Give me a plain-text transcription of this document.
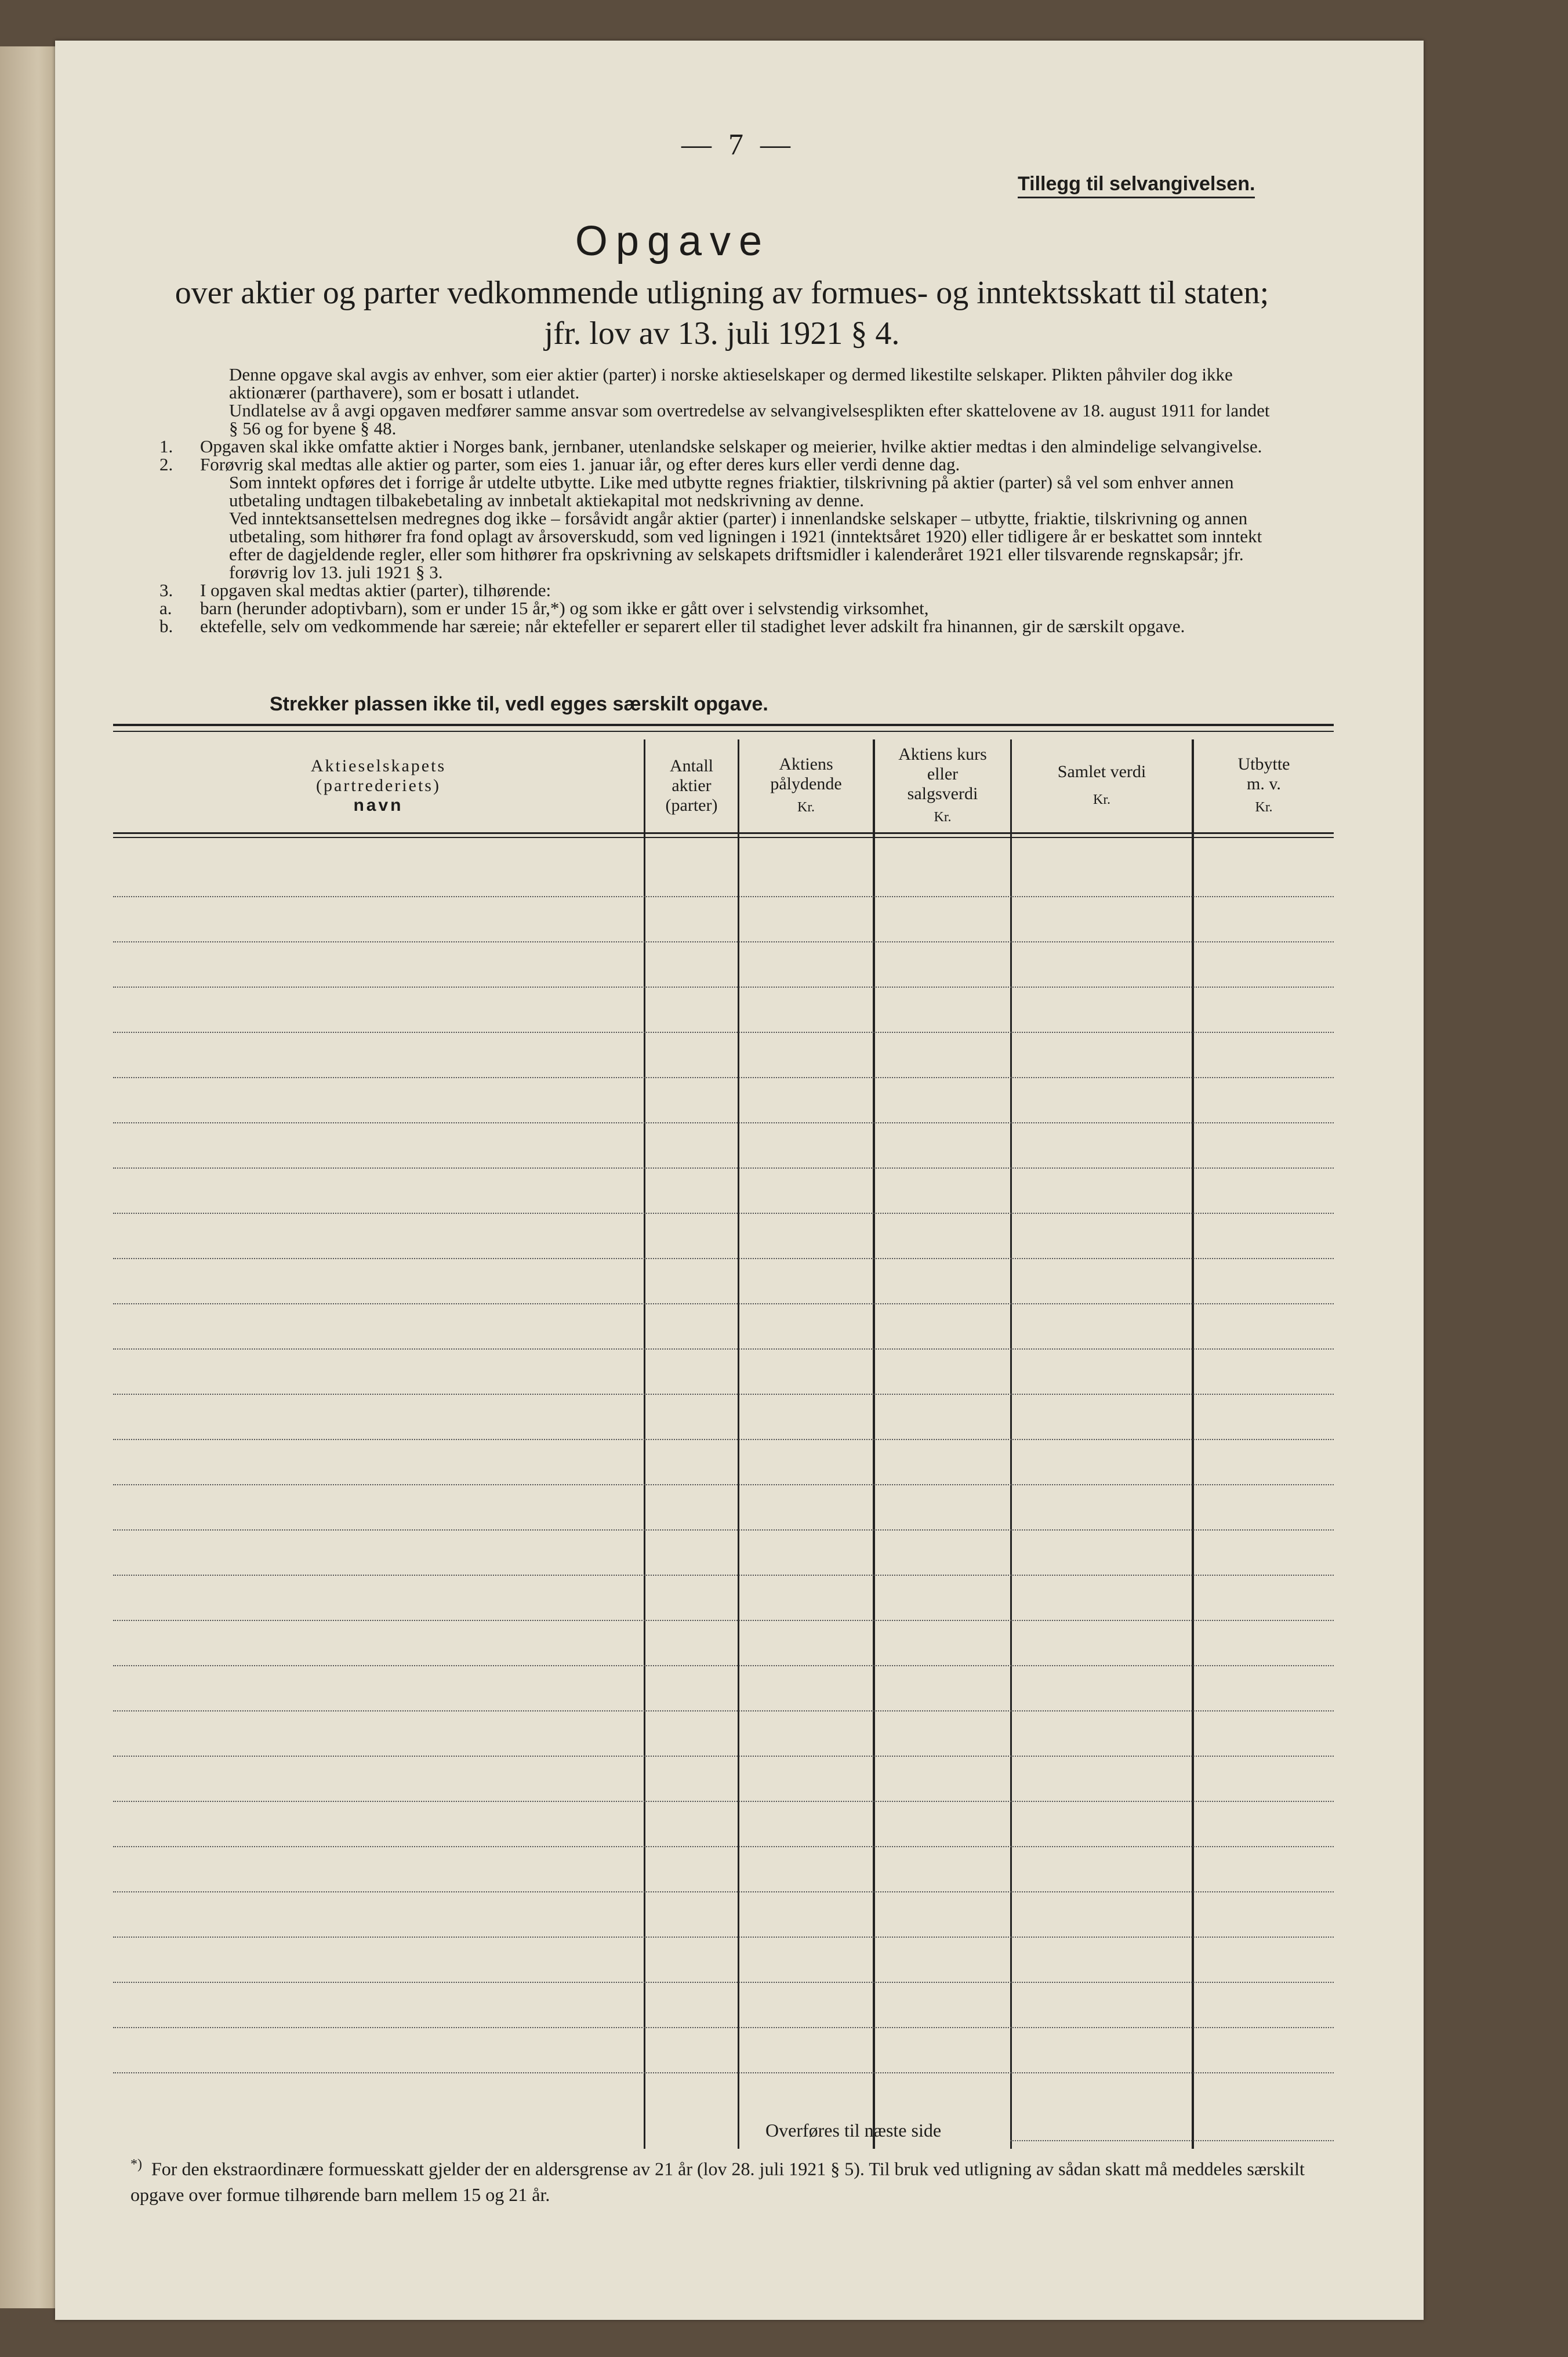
— 7 —
Tillegg til selvangivelsen.
Opgave
over aktier og parter vedkommende utligning av formues- og inntektsskatt til staten;
jfr. lov av 13. juli 1921 § 4.

Denne opgave skal avgis av enhver, som eier aktier (parter) i norske aktieselskaper og dermed likestilte selskaper. Plikten påhviler dog ikke aktionærer (parthavere), som er bosatt i utlandet.

Undlatelse av å avgi opgaven medfører samme ansvar som overtredelse av selvangivelsesplikten efter skattelovene av 18. august 1911 for landet § 56 og for byene § 48.

1. Opgaven skal ikke omfatte aktier i Norges bank, jernbaner, utenlandske selskaper og meierier, hvilke aktier medtas i den almindelige selvangivelse.

2. Forøvrig skal medtas alle aktier og parter, som eies 1. januar iår, og efter deres kurs eller verdi denne dag.

Som inntekt opføres det i forrige år utdelte utbytte. Like med utbytte regnes friaktier, tilskrivning på aktier (parter) så vel som enhver annen utbetaling undtagen tilbakebetaling av innbetalt aktiekapital mot nedskrivning av denne.

Ved inntektsansettelsen medregnes dog ikke – forsåvidt angår aktier (parter) i innenlandske selskaper – utbytte, friaktie, tilskrivning og annen utbetaling, som hithører fra fond oplagt av årsoverskudd, som ved ligningen i 1921 (inntektsåret 1920) eller tidligere år er beskattet som inntekt efter de dagjeldende regler, eller som hithører fra opskrivning av selskapets driftsmidler i kalenderåret 1921 eller tilsvarende regnskapsår; jfr. forøvrig lov 13. juli 1921 § 3.

3. I opgaven skal medtas aktier (parter), tilhørende:

a. barn (herunder adoptivbarn), som er under 15 år,*) og som ikke er gått over i selvstendig virksomhet,

b. ektefelle, selv om vedkommende har særeie; når ektefeller er separert eller til stadighet lever adskilt fra hinannen, gir de særskilt opgave.

Strekker plassen ikke til, vedl egges særskilt opgave.
Aktieselskapets
(partrederiets)
navn
Antall
aktier
(parter)
Aktiens
pålydende
Kr.
Aktiens kurs
eller
salgsverdi
Kr.
Samlet verdi
Kr.
Utbytte
m. v.
Kr.
Overføres til næste side
*) For den ekstraordinære formuesskatt gjelder der en aldersgrense av 21 år (lov 28. juli 1921 § 5). Til bruk ved utligning av sådan skatt må meddeles særskilt opgave over formue tilhørende barn mellem 15 og 21 år.
